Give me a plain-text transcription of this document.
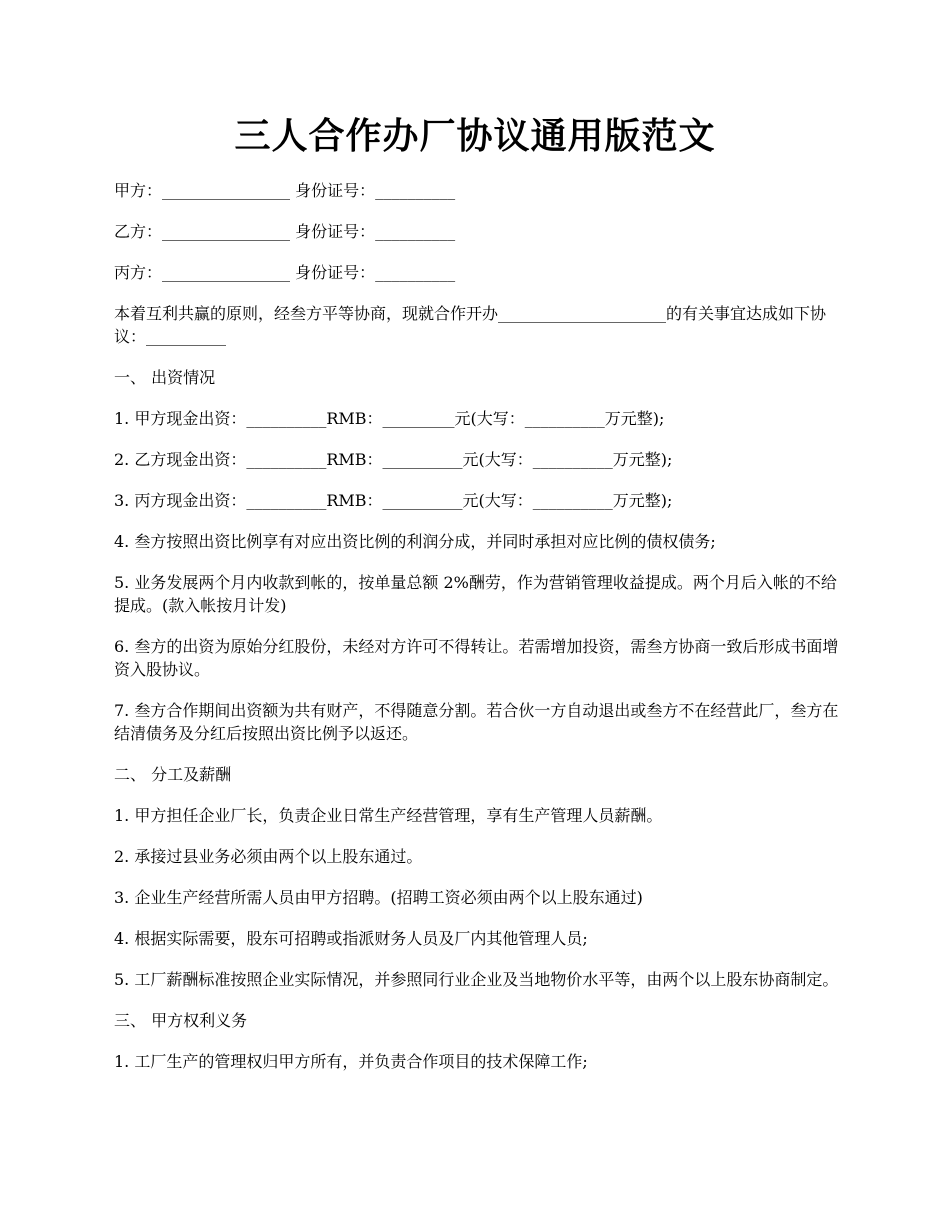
三人合作办厂协议通用版范文

甲方：________________ 身份证号：__________

乙方：________________ 身份证号：__________

丙方：________________ 身份证号：__________

本着互利共赢的原则，经叁方平等协商，现就合作开办_____________________的有关事宜达成如下协议：__________

一、 出资情况

1. 甲方现金出资：__________RMB：_________元(大写：__________万元整);

2. 乙方现金出资：__________RMB：__________元(大写：__________万元整);

3. 丙方现金出资：__________RMB：__________元(大写：__________万元整);

4. 叁方按照出资比例享有对应出资比例的利润分成，并同时承担对应比例的债权债务;

5. 业务发展两个月内收款到帐的，按单量总额 2%酬劳，作为营销管理收益提成。两个月后入帐的不给提成。(款入帐按月计发)

6. 叁方的出资为原始分红股份，未经对方许可不得转让。若需增加投资，需叁方协商一致后形成书面增资入股协议。

7. 叁方合作期间出资额为共有财产，不得随意分割。若合伙一方自动退出或叁方不在经营此厂，叁方在结清债务及分红后按照出资比例予以返还。

二、 分工及薪酬

1. 甲方担任企业厂长，负责企业日常生产经营管理，享有生产管理人员薪酬。

2. 承接过县业务必须由两个以上股东通过。

3. 企业生产经营所需人员由甲方招聘。(招聘工资必须由两个以上股东通过)

4. 根据实际需要，股东可招聘或指派财务人员及厂内其他管理人员;

5. 工厂薪酬标准按照企业实际情况，并参照同行业企业及当地物价水平等，由两个以上股东协商制定。

三、 甲方权利义务

1. 工厂生产的管理权归甲方所有，并负责合作项目的技术保障工作;
